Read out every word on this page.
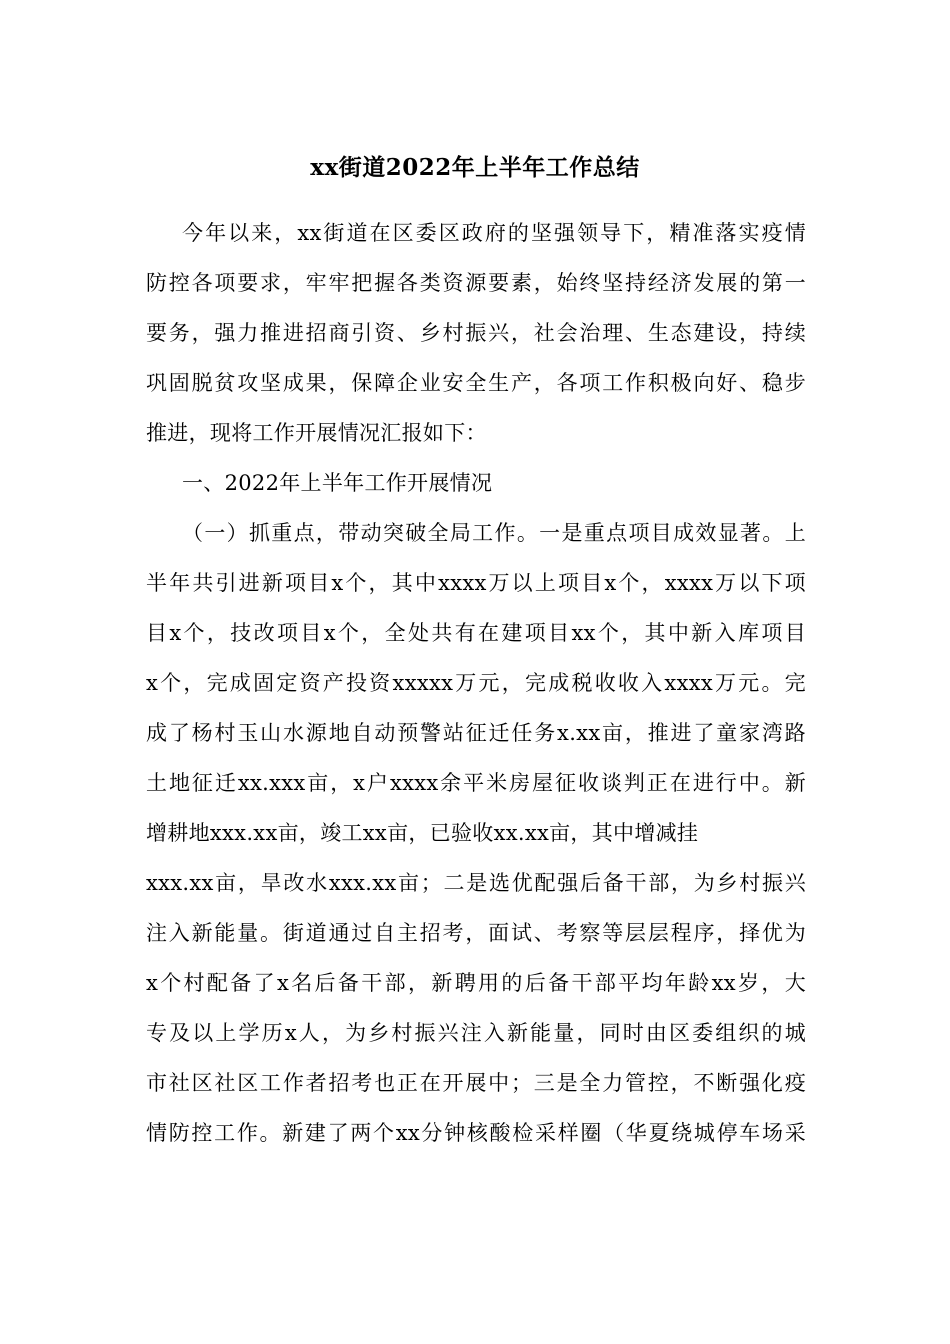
xx街道2022年上半年工作总结
今年以来，xx街道在区委区政府的坚强领导下，精准落实疫情
防控各项要求，牢牢把握各类资源要素，始终坚持经济发展的第一
要务，强力推进招商引资、乡村振兴，社会治理、生态建设，持续
巩固脱贫攻坚成果，保障企业安全生产，各项工作积极向好、稳步
推进，现将工作开展情况汇报如下：
一、2022年上半年工作开展情况
（一）抓重点，带动突破全局工作。一是重点项目成效显著。上
半年共引进新项目x个，其中xxxx万以上项目x个，xxxx万以下项
目x个，技改项目x个，全处共有在建项目xx个，其中新入库项目
x个，完成固定资产投资xxxxx万元，完成税收收入xxxx万元。完
成了杨村玉山水源地自动预警站征迁任务x.xx亩，推进了童家湾路
土地征迁xx.xxx亩，x户xxxx余平米房屋征收谈判正在进行中。新
增耕地xxx.xx亩，竣工xx亩，已验收xx.xx亩，其中增减挂
xxx.xx亩，旱改水xxx.xx亩；二是选优配强后备干部，为乡村振兴
注入新能量。街道通过自主招考，面试、考察等层层程序，择优为
x个村配备了x名后备干部，新聘用的后备干部平均年龄xx岁，大
专及以上学历x人，为乡村振兴注入新能量，同时由区委组织的城
市社区社区工作者招考也正在开展中；三是全力管控，不断强化疫
情防控工作。新建了两个xx分钟核酸检采样圈（华夏绕城停车场采
